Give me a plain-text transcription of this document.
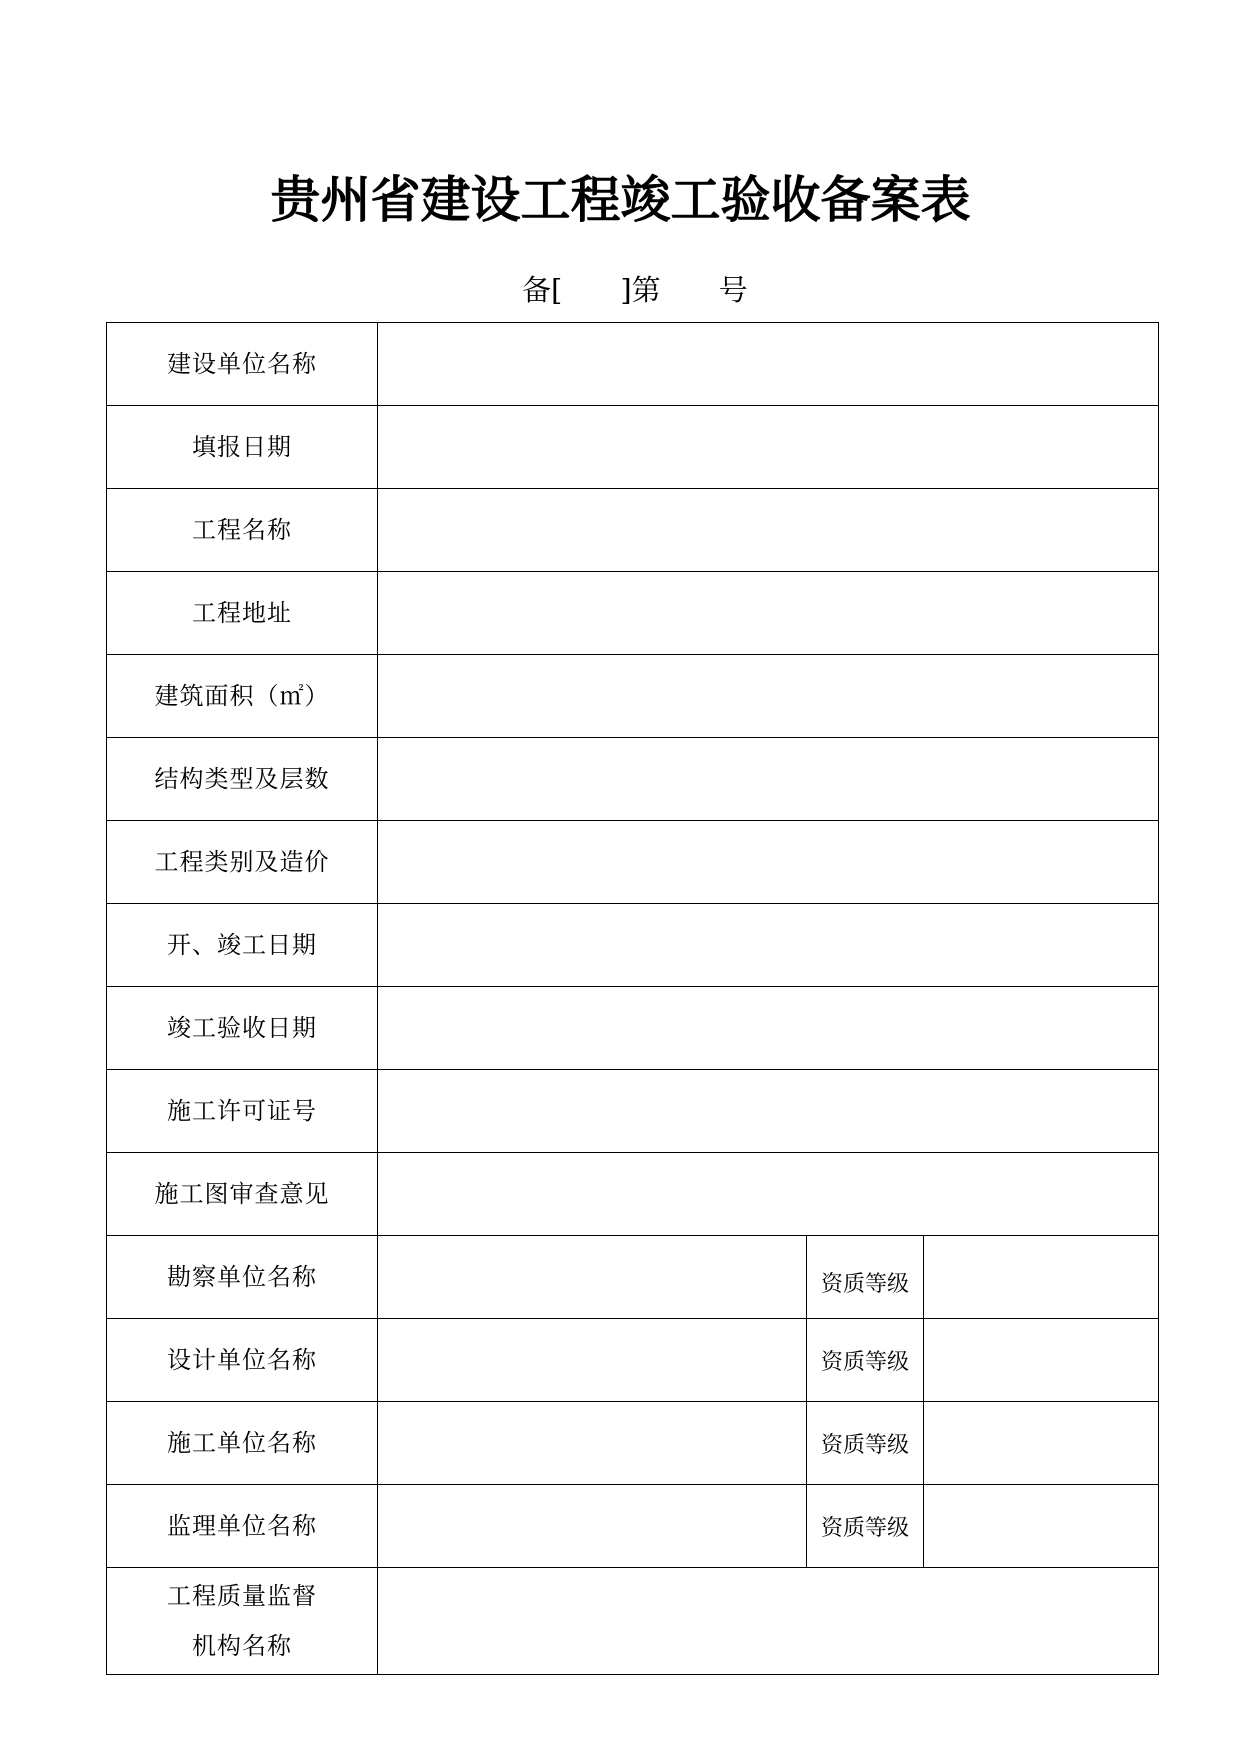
贵州省建设工程竣工验收备案表
备[　　]第　　号
建设单位名称
填报日期
工程名称
工程地址
建筑面积（㎡）
结构类型及层数
工程类别及造价
开、竣工日期
竣工验收日期
施工许可证号
施工图审查意见
勘察单位名称	资质等级
设计单位名称	资质等级
施工单位名称	资质等级
监理单位名称	资质等级
工程质量监督
机构名称
